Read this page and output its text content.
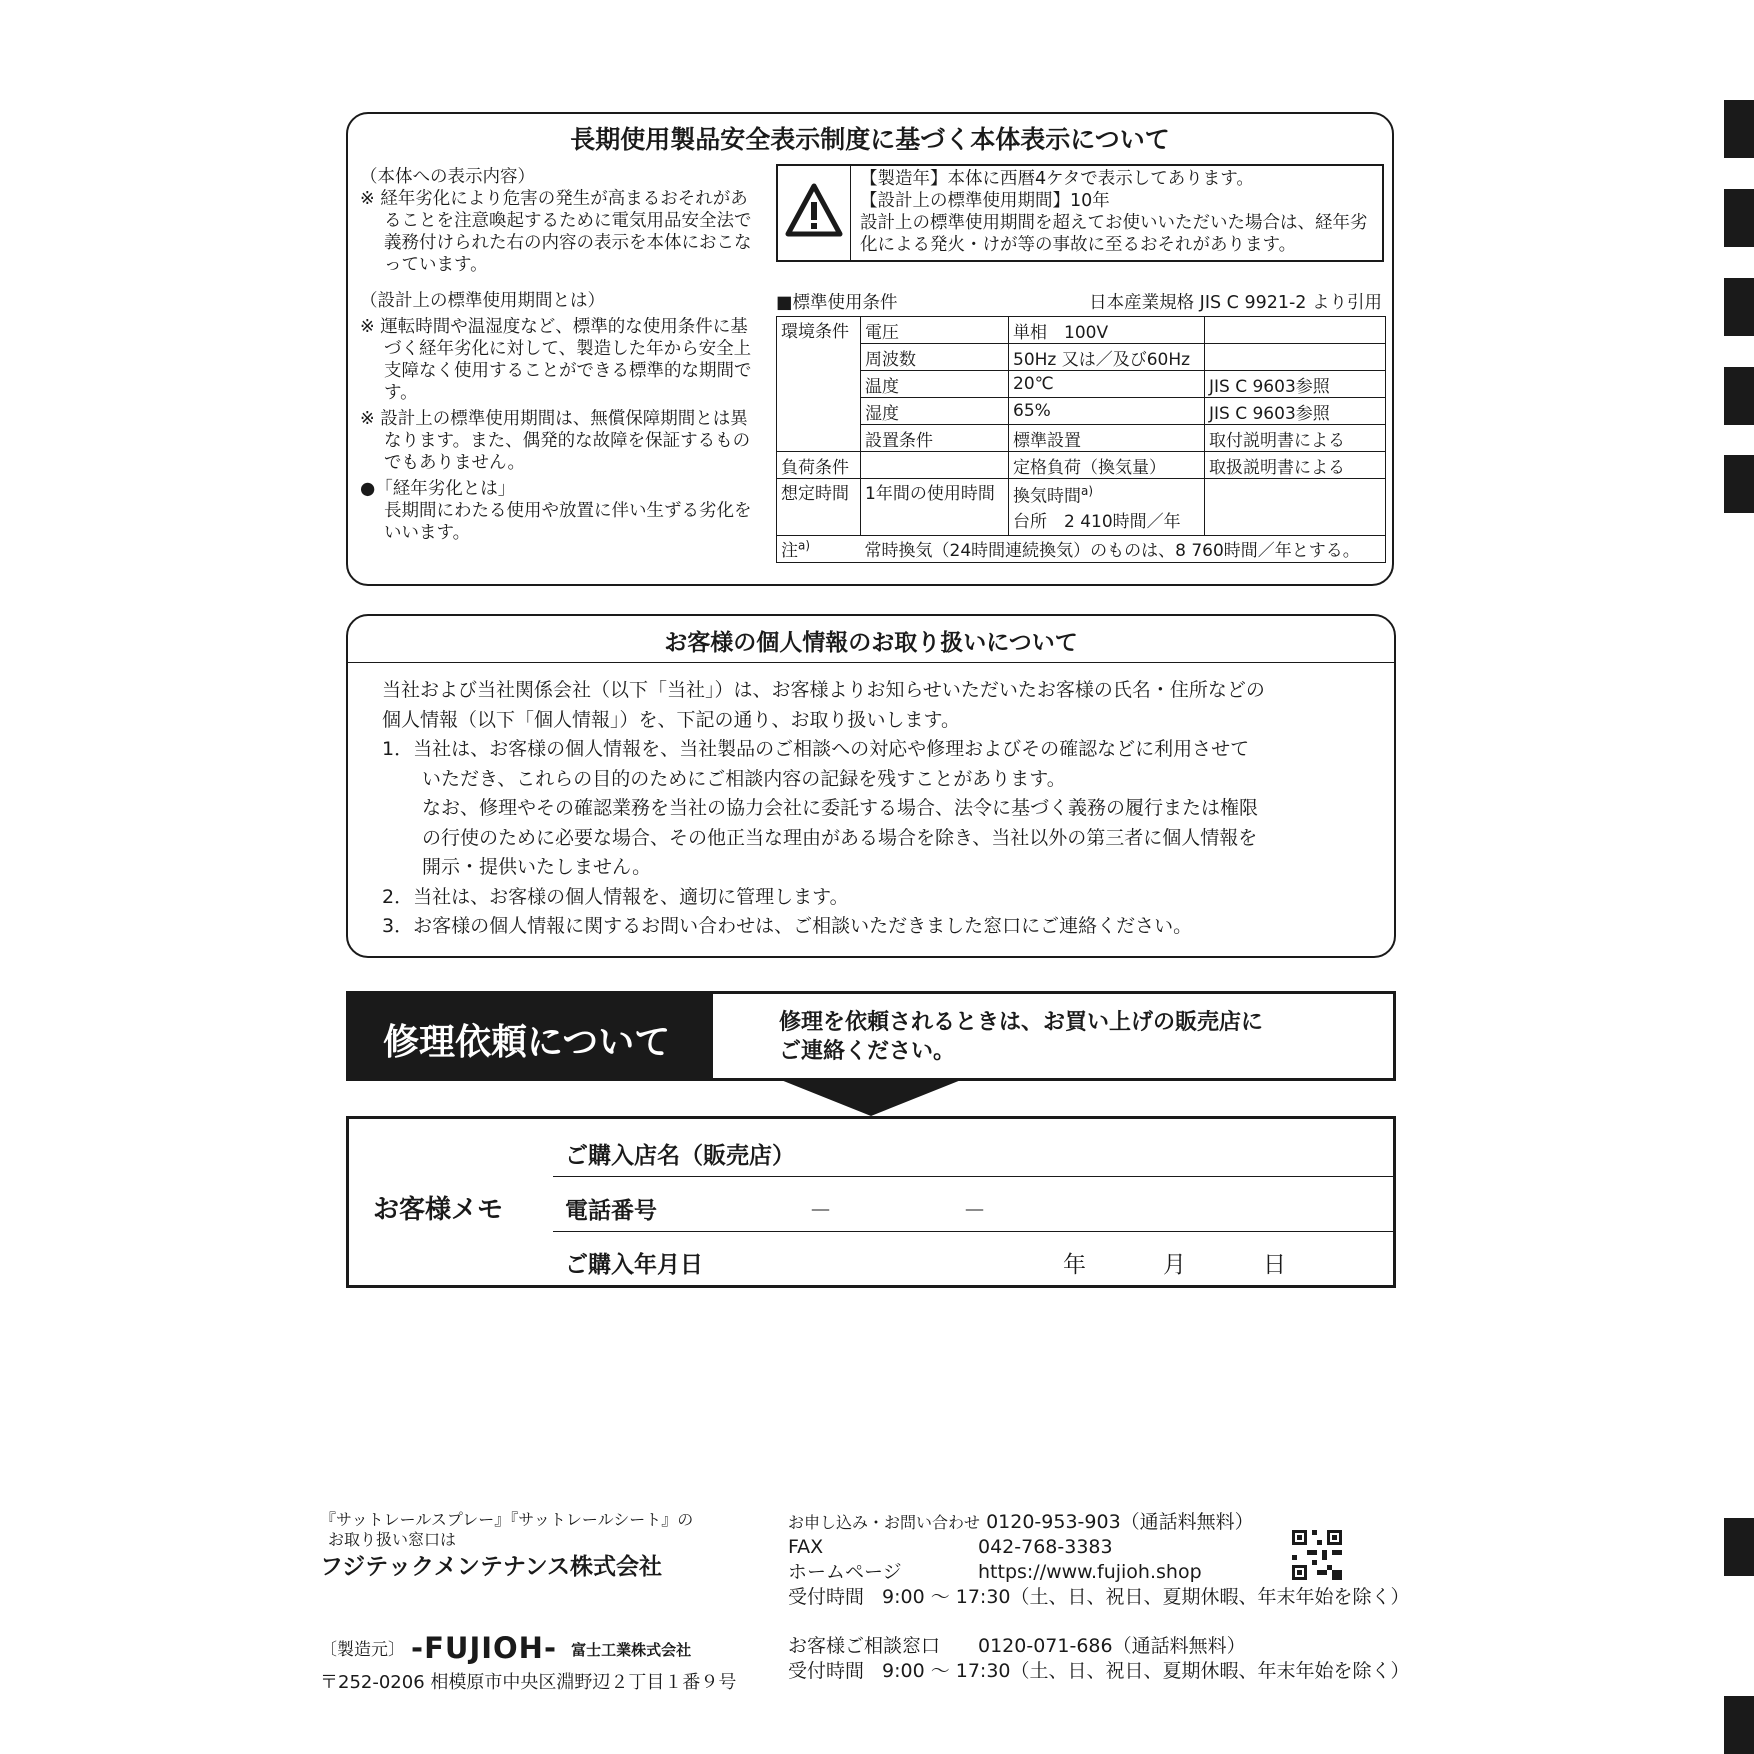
長期使用製品安全表示制度に基づく本体表示について
（本体への表示内容）
※ 経年劣化により危害の発生が高まるおそれがあることを注意喚起するために電気用品安全法で義務付けられた右の内容の表示を本体におこなっています。
（設計上の標準使用期間とは）
※ 運転時間や温湿度など、標準的な使用条件に基づく経年劣化に対して、製造した年から安全上支障なく使用することができる標準的な期間です。
※ 設計上の標準使用期間は、無償保障期間とは異なります。また、偶発的な故障を保証するものでもありません。
●「経年劣化とは」
長期間にわたる使用や放置に伴い生ずる劣化をいいます。
【製造年】本体に西暦4ケタで表示してあります。
【設計上の標準使用期間】10年
設計上の標準使用期間を超えてお使いいただいた場合は、経年劣化による発火・けが等の事故に至るおそれがあります。
■標準使用条件	日本産業規格 JIS C 9921-2 より引用
環境条件	電圧	単相　100V	
	周波数	50Hz 又は／及び60Hz	
	温度	20℃	JIS C 9603参照
	湿度	65%	JIS C 9603参照
	設置条件	標準設置	取付説明書による
負荷条件		定格負荷（換気量）	取扱説明書による
想定時間	1年間の使用時間	換気時間$^{a)}$
台所　2 410時間／年	
注$^{a)}$	常時換気（24時間連続換気）のものは、8 760時間／年とする。		
お客様の個人情報のお取り扱いについて
当社および当社関係会社（以下「当社」）は、お客様よりお知らせいただいたお客様の氏名・住所などの
個人情報（以下「個人情報」）を、下記の通り、お取り扱いします。
1．当社は、お客様の個人情報を、当社製品のご相談への対応や修理およびその確認などに利用させて
いただき、これらの目的のためにご相談内容の記録を残すことがあります。
なお、修理やその確認業務を当社の協力会社に委託する場合、法令に基づく義務の履行または権限
の行使のために必要な場合、その他正当な理由がある場合を除き、当社以外の第三者に個人情報を
開示・提供いたしません。
2．当社は、お客様の個人情報を、適切に管理します。
3．お客様の個人情報に関するお問い合わせは、ご相談いただきました窓口にご連絡ください。
修理依頼について	修理を依頼されるときは、お買い上げの販売店に
ご連絡ください。
お客様メモ
ご購入店名（販売店）
電話番号	－	－
ご購入年月日	年	月	日
『サットレールスプレー』『サットレールシート』の
お取り扱い窓口は
フジテックメンテナンス株式会社
〔製造元〕 ‑FUJIOH‑ 富士工業株式会社
〒252-0206 相模原市中央区淵野辺２丁目１番９号
お申し込み・お問い合わせ 0120-953-903（通話料無料）
FAX	042-768-3383
ホームページ	https://www.fujioh.shop
受付時間 9:00 ～ 17:30（土、日、祝日、夏期休暇、年末年始を除く）
お客様ご相談窓口 0120-071-686（通話料無料）
受付時間 9:00 ～ 17:30（土、日、祝日、夏期休暇、年末年始を除く）
